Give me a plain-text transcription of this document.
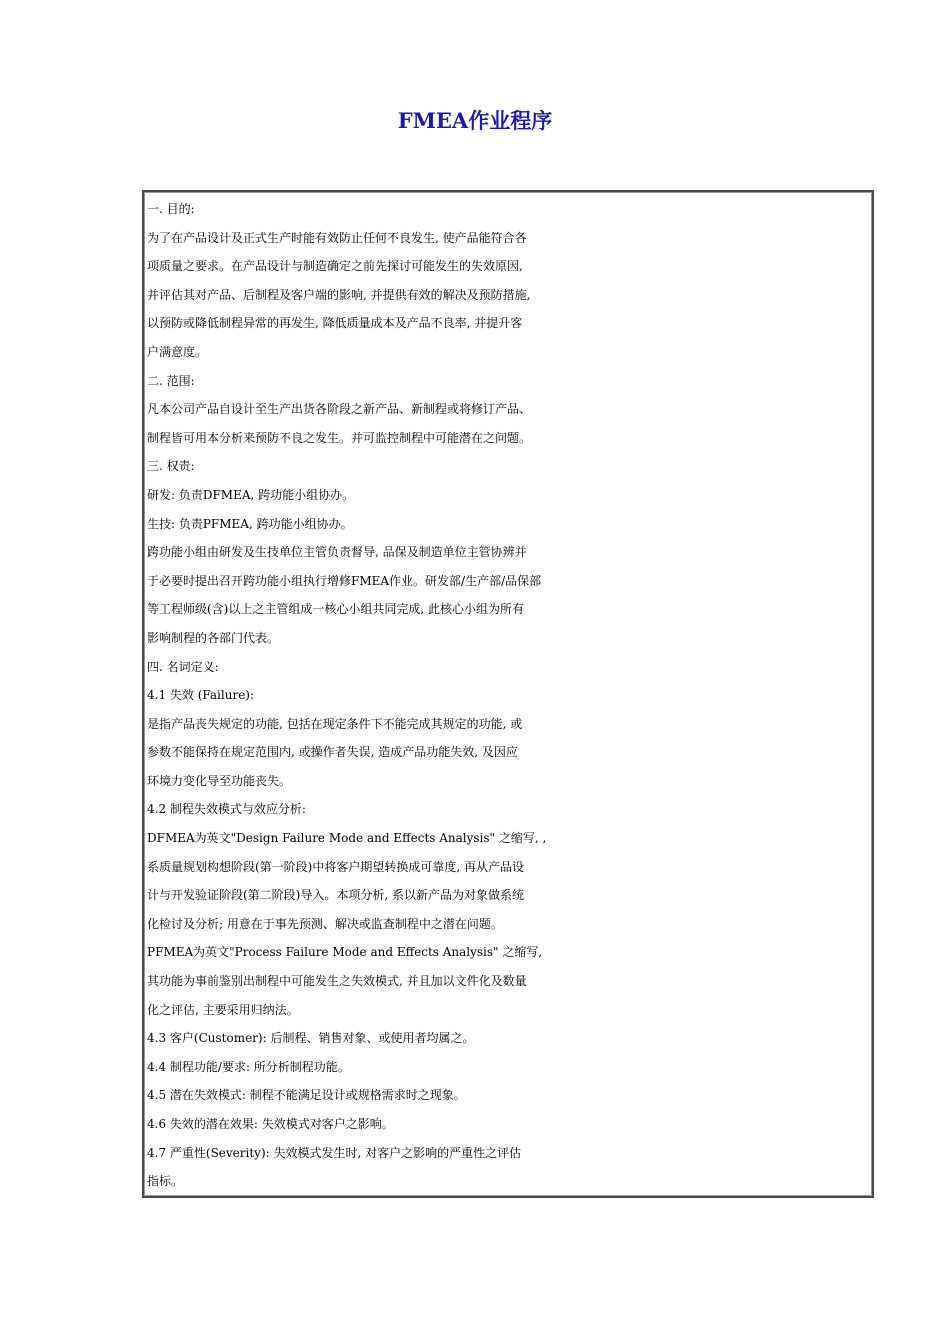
FMEA作业程序
一. 目的:
为了在产品设计及正式生产时能有效防止任何不良发生, 使产品能符合各
项质量之要求。在产品设计与制造确定之前先探讨可能发生的失效原因,
并评估其对产品、后制程及客户端的影响, 并提供有效的解决及预防措施,
以预防或降低制程异常的再发生, 降低质量成本及产品不良率, 并提升客
户满意度。
二. 范围:
凡本公司产品自设计至生产出货各阶段之新产品、新制程或将修订产品、
制程皆可用本分析来预防不良之发生。并可监控制程中可能潜在之问题。
三. 权责:
研发: 负责DFMEA, 跨功能小组协办。
生技: 负责PFMEA, 跨功能小组协办。
跨功能小组由研发及生技单位主管负责督导, 品保及制造单位主管协辨并
于必要时提出召开跨功能小组执行增修FMEA作业。研发部/生产部/品保部
等工程师级(含)以上之主管组成一核心小组共同完成, 此核心小组为所有
影响制程的各部门代表。
四. 名词定义:
4.1 失效 (Failure):
是指产品丧失规定的功能, 包括在现定条件下不能完成其规定的功能, 或
参数不能保持在规定范围内, 或操作者失误, 造成产品功能失效, 及因应
环境力变化导至功能丧失。
4.2 制程失效模式与效应分析:
DFMEA为英文"Design Failure Mode and Effects Analysis" 之缩写, ,
系质量规划构想阶段(第一阶段)中将客户期望转换成可靠度, 再从产品设
计与开发验证阶段(第二阶段)导入。本项分析, 系以新产品为对象做系统
化检讨及分析; 用意在于事先预测、解决或监查制程中之潜在问题。
PFMEA为英文"Process Failure Mode and Effects Analysis" 之缩写,
其功能为事前鉴别出制程中可能发生之失效模式, 并且加以文件化及数量
化之评估, 主要采用归纳法。
4.3 客户(Customer): 后制程、销售对象、或使用者均属之。
4.4 制程功能/要求: 所分析制程功能。
4.5 潜在失效模式: 制程不能满足设计或规格需求时之现象。
4.6 失效的潜在效果: 失效模式对客户之影响。
4.7 严重性(Severity): 失效模式发生时, 对客户之影响的严重性之评估
指标。
